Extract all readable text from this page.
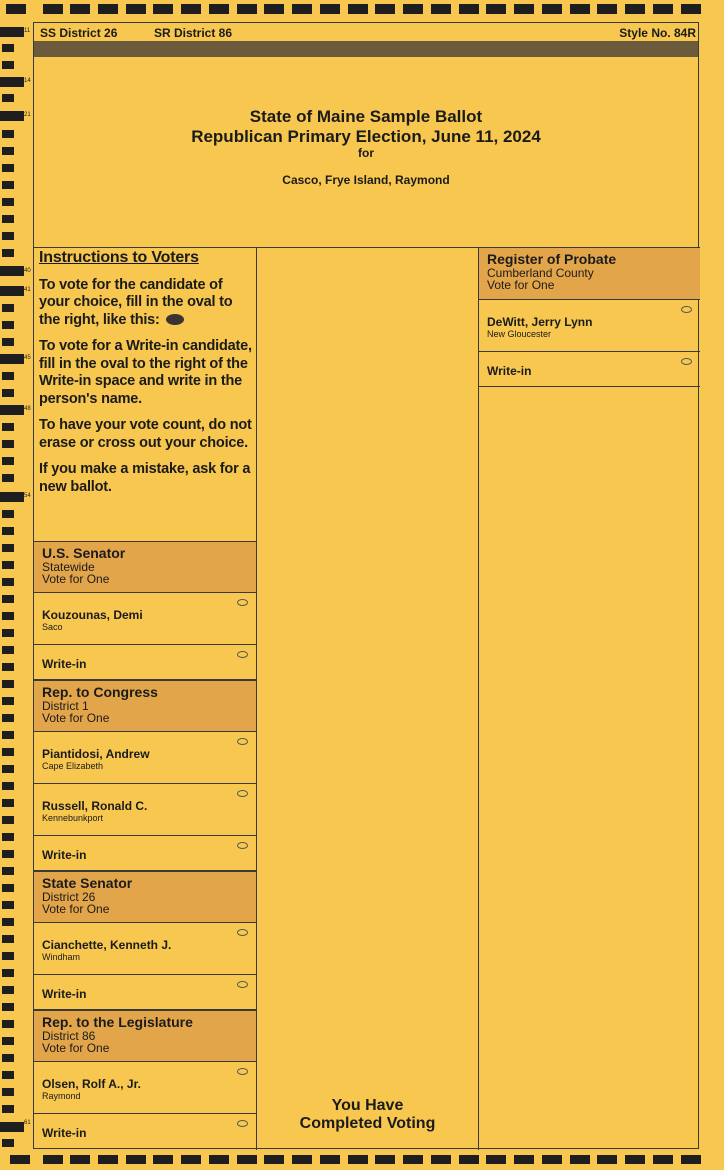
11
14
21
40
41
45
48
54
61
SS District 26	SR District 86	Style No. 84R
State of Maine Sample Ballot
Republican Primary Election, June 11, 2024
for
Casco, Frye Island, Raymond
Instructions to Voters

To vote for the candidate of your choice, fill in the oval to the right, like this:

To vote for a Write-in candidate, fill in the oval to the right of the Write-in space and write in the person's name.

To have your vote count, do not erase or cross out your choice.

If you make a mistake, ask for a new ballot.

U.S. Senator
Statewide
Vote for One
Kouzounas, Demi
Saco
Write-in
Rep. to Congress
District 1
Vote for One
Piantidosi, Andrew
Cape Elizabeth
Russell, Ronald C.
Kennebunkport
Write-in
State Senator
District 26
Vote for One
Cianchette, Kenneth J.
Windham
Write-in
Rep. to the Legislature
District 86
Vote for One
Olsen, Rolf A., Jr.
Raymond
Write-in
Register of Probate
Cumberland County
Vote for One
DeWitt, Jerry Lynn
New Gloucester
Write-in
You Have
Completed Voting
